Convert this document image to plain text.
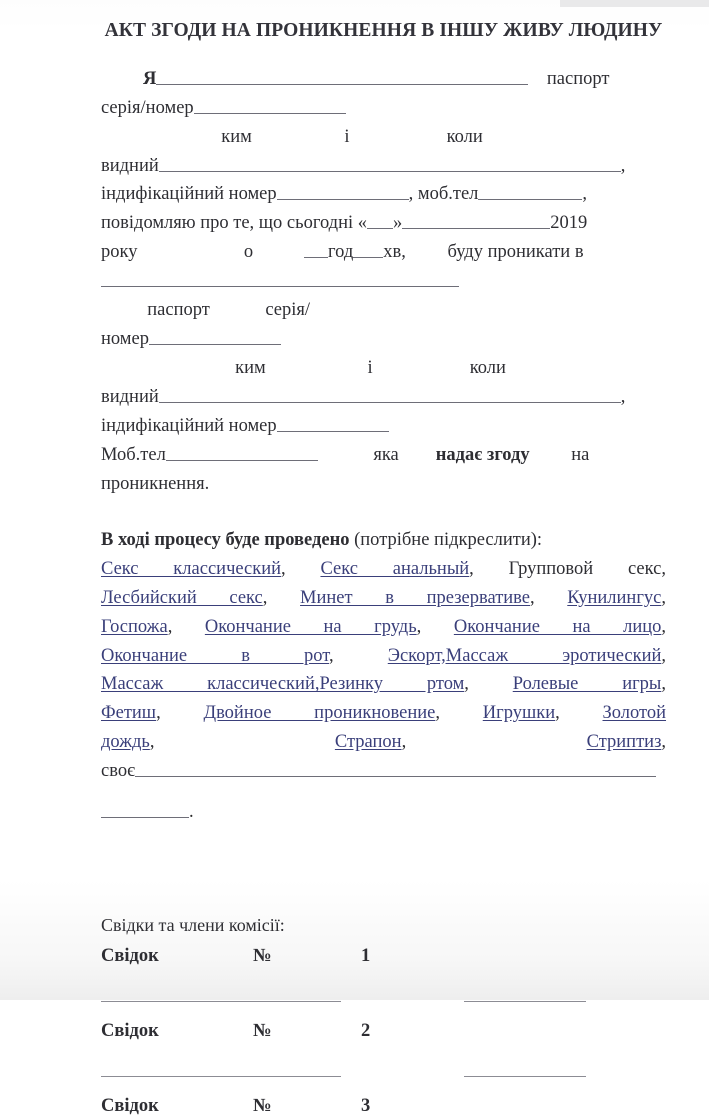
АКТ ЗГОДИ НА ПРОНИКНЕННЯ В ІНШУ ЖИВУ ЛЮДИНУ

Я	паспорт
серія/номер                          ким	і	коли
видний	,
індифікаційний номер	, моб.тел	,

повідомляю про те, що сьогодні « »	2019
року	о	год хв, буду проникати в
паспорт	серія/
номер                             ким	і	коли
видний	,
індифікаційний номер
Моб.тел	яка надає згоду на
проникнення.

В ході процесу буде проведено (потрібне підкреслити):

Секс классический, Секс анальный, Групповой секс,

Лесбийский секс, Минет в презервативе, Кунилингус,

Госпожа, Окончание на грудь, Окончание на лицо,

Окончание в рот, Эскорт,Массаж эротический,

Массаж классический,Резинку ртом, Ролевые игры,

Фетиш, Двойное проникновение, Игрушки, Золотой

дождь,	Страпон,	Стриптиз,

своє

.

Свідки та члени комісії:

Свідок	№	1
Свідок	№	2
Свідок	№	3
